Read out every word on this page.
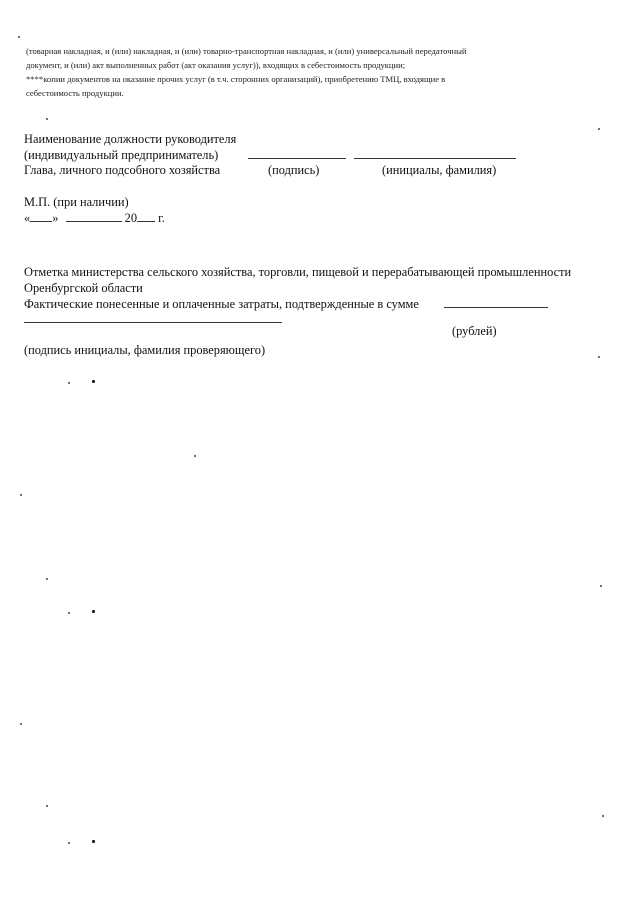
(товарная накладная, и (или) накладная, и (или) товарно-транспортная накладная, и (или) универсальный передаточный

документ, и (или) акт выполненных работ (акт оказания услуг)), входящих в себестоимость продукции;

****копии документов на оказание прочих услуг (в т.ч. сторонних организаций), приобретению ТМЦ, входящие в

себестоимость продукции.

Наименование должности руководителя
(индивидуальный предприниматель)
Глава, личного подсобного хозяйства	(подпись)	(инициалы, фамилия)
М.П. (при наличии)
« »	20 г.
Отметка министерства сельского хозяйства, торговли, пищевой и перерабатывающей промышленности
Оренбургской области
Фактические понесенные и оплаченные затраты, подтвержденные в сумме
(рублей)
(подпись инициалы, фамилия проверяющего)
